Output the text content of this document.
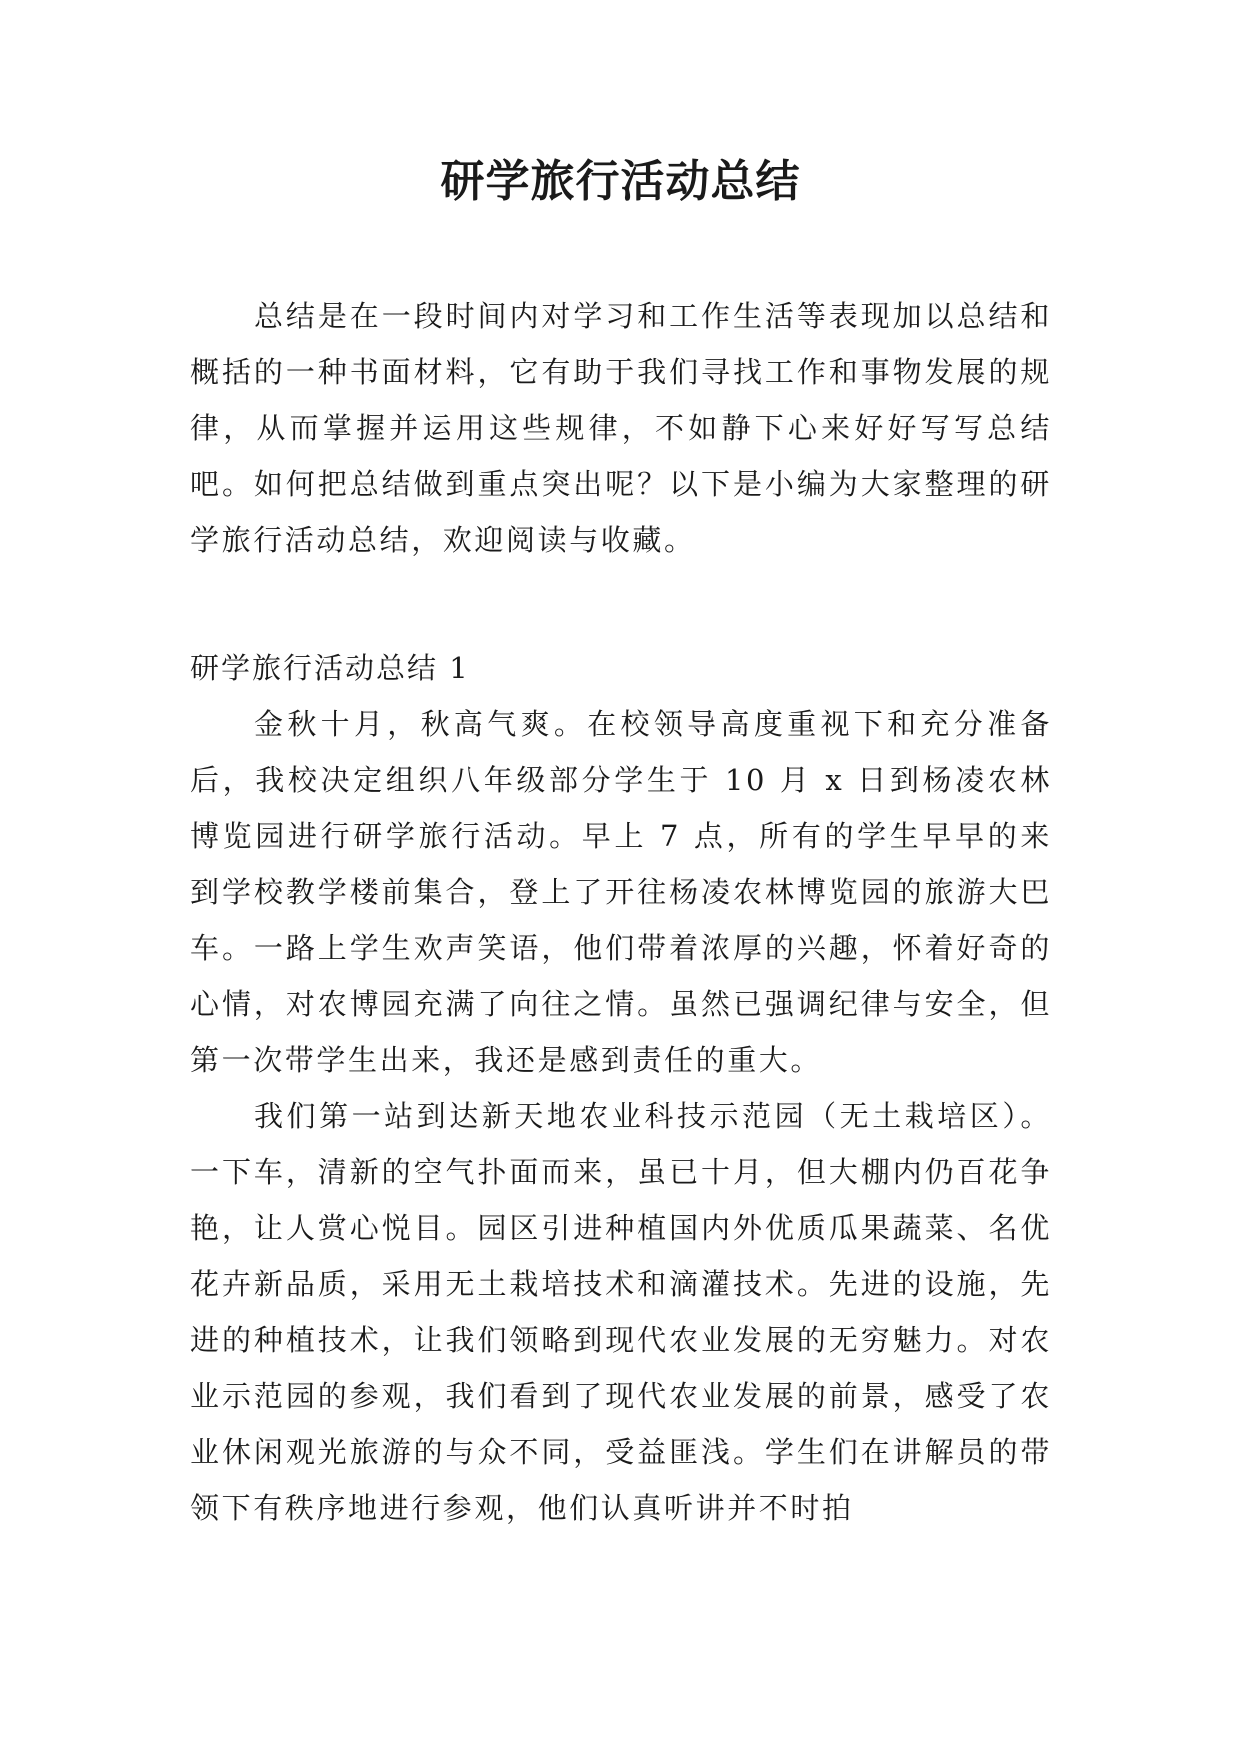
研学旅行活动总结

总结是在一段时间内对学习和工作生活等表现加以总结和概括的一种书面材料，它有助于我们寻找工作和事物发展的规律，从而掌握并运用这些规律，不如静下心来好好写写总结吧。如何把总结做到重点突出呢？以下是小编为大家整理的研学旅行活动总结，欢迎阅读与收藏。

研学旅行活动总结 1

金秋十月，秋高气爽。在校领导高度重视下和充分准备后，我校决定组织八年级部分学生于 10 月 x 日到杨凌农林博览园进行研学旅行活动。早上 7 点，所有的学生早早的来到学校教学楼前集合，登上了开往杨凌农林博览园的旅游大巴车。一路上学生欢声笑语，他们带着浓厚的兴趣，怀着好奇的心情，对农博园充满了向往之情。虽然已强调纪律与安全，但第一次带学生出来，我还是感到责任的重大。

我们第一站到达新天地农业科技示范园（无土栽培区）。一下车，清新的空气扑面而来，虽已十月，但大棚内仍百花争艳，让人赏心悦目。园区引进种植国内外优质瓜果蔬菜、名优花卉新品质，采用无土栽培技术和滴灌技术。先进的设施，先进的种植技术，让我们领略到现代农业发展的无穷魅力。对农业示范园的参观，我们看到了现代农业发展的前景，感受了农业休闲观光旅游的与众不同，受益匪浅。学生们在讲解员的带领下有秩序地进行参观，他们认真听讲并不时拍
